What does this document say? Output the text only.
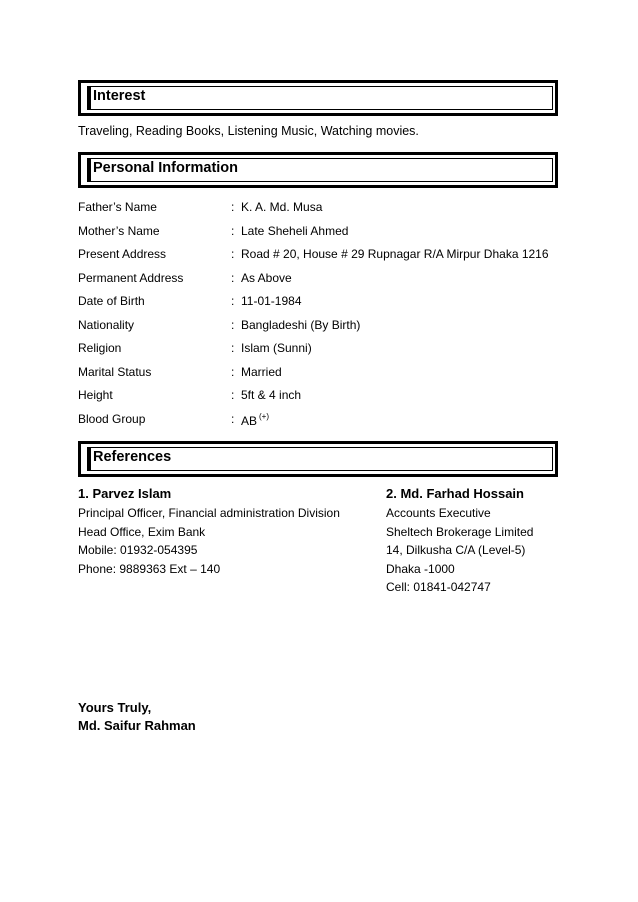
Interest
Traveling, Reading Books, Listening Music, Watching movies.
Personal Information
Father’s Name	: K. A. Md. Musa
Mother’s Name	: Late Sheheli Ahmed
Present Address	: Road # 20, House # 29 Rupnagar R/A Mirpur Dhaka 1216
Permanent Address	: As Above
Date of Birth	: 11-01-1984
Nationality	: Bangladeshi (By Birth)
Religion	: Islam (Sunni)
Marital Status	: Married
Height	: 5ft & 4 inch
Blood Group	: AB (+)
References
1. Parvez Islam
Principal Officer, Financial administration Division
Head Office, Exim Bank
Mobile: 01932-054395
Phone: 9889363 Ext – 140
2. Md. Farhad Hossain
Accounts Executive
Sheltech Brokerage Limited
14, Dilkusha C/A (Level-5)
Dhaka -1000
Cell: 01841-042747
Yours Truly,
Md. Saifur Rahman
